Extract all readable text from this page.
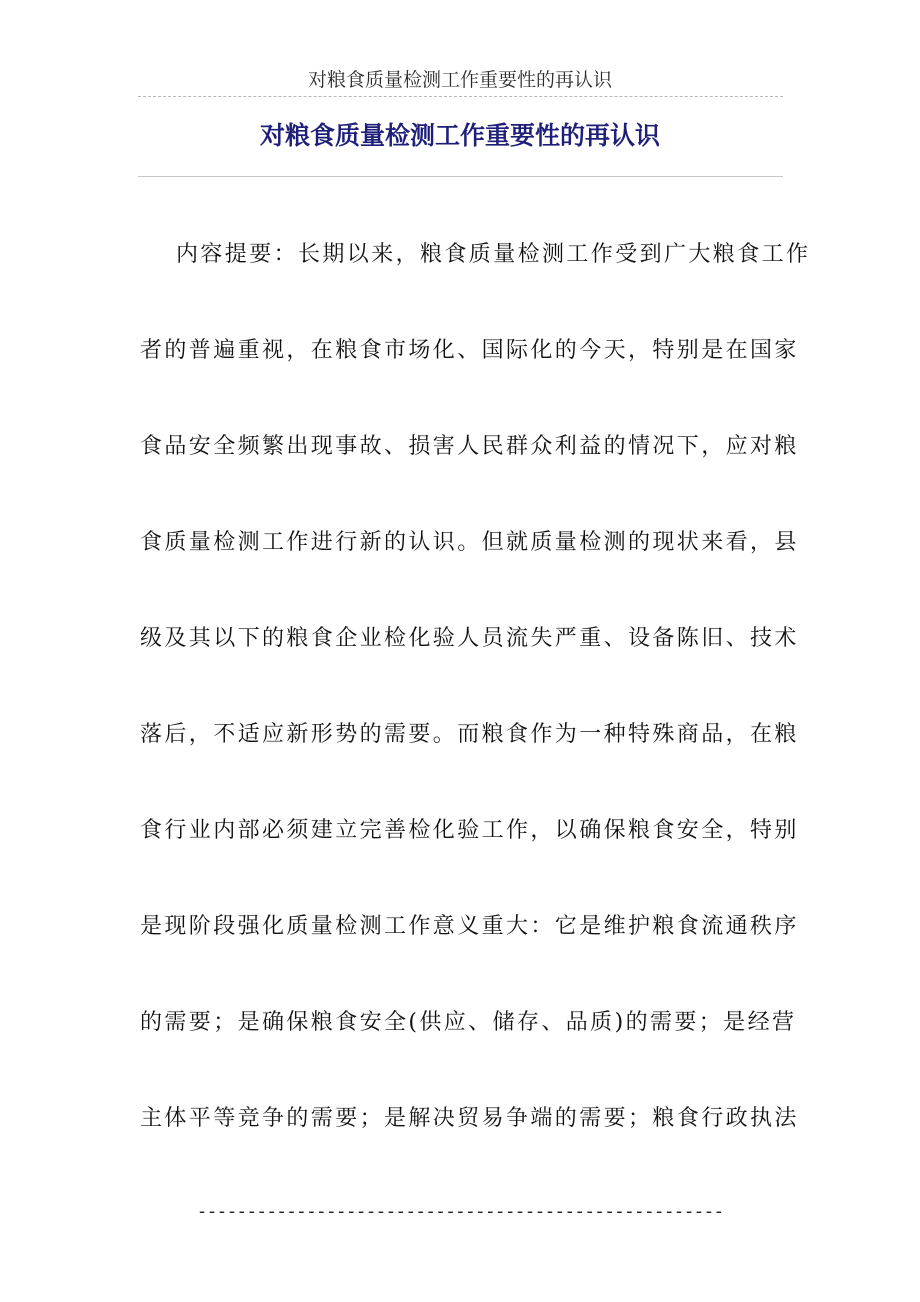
对粮食质量检测工作重要性的再认识
对粮食质量检测工作重要性的再认识
内容提要：长期以来，粮食质量检测工作受到广大粮食工作
者的普遍重视，在粮食市场化、国际化的今天，特别是在国家
食品安全频繁出现事故、损害人民群众利益的情况下，应对粮
食质量检测工作进行新的认识。但就质量检测的现状来看，县
级及其以下的粮食企业检化验人员流失严重、设备陈旧、技术
落后，不适应新形势的需要。而粮食作为一种特殊商品，在粮
食行业内部必须建立完善检化验工作，以确保粮食安全，特别
是现阶段强化质量检测工作意义重大：它是维护粮食流通秩序
的需要；是确保粮食安全(供应、储存、品质)的需要；是经营
主体平等竞争的需要；是解决贸易争端的需要；粮食行政执法
-----------------------------------------------------
